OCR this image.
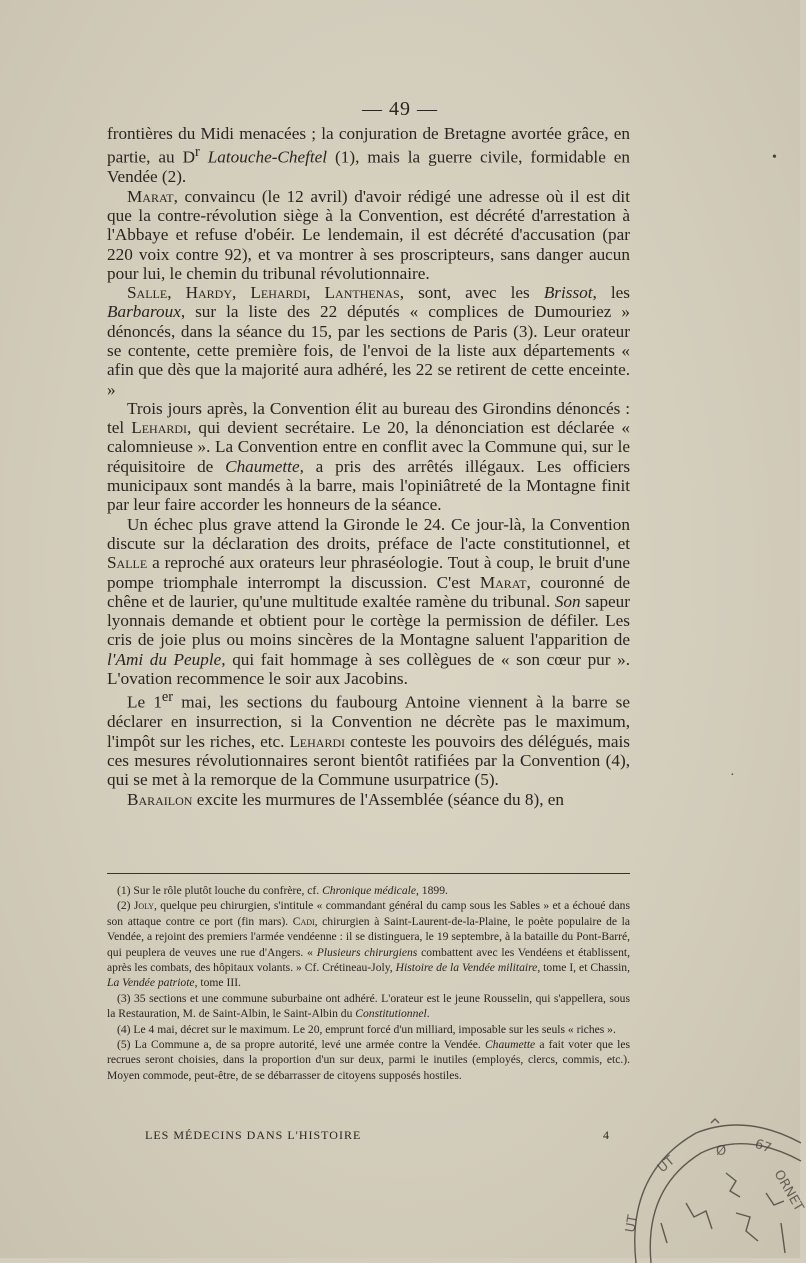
— 49 —

frontières du Midi menacées ; la conjuration de Bretagne avortée grâce, en partie, au $D^r$ Latouche-Cheftel (1), mais la guerre civile, formidable en Vendée (2).

Marat, convaincu (le 12 avril) d'avoir rédigé une adresse où il est dit que la contre-révolution siège à la Convention, est décrété d'arrestation à l'Abbaye et refuse d'obéir. Le lendemain, il est décrété d'accusation (par 220 voix contre 92), et va montrer à ses proscripteurs, sans danger aucun pour lui, le chemin du tribunal révolutionnaire.

Salle, Hardy, Lehardi, Lanthenas, sont, avec les Brissot, les Barbaroux, sur la liste des 22 députés « complices de Dumouriez » dénoncés, dans la séance du 15, par les sections de Paris (3). Leur orateur se contente, cette première fois, de l'envoi de la liste aux départements « afin que dès que la majorité aura adhéré, les 22 se retirent de cette enceinte. »

Trois jours après, la Convention élit au bureau des Girondins dénoncés : tel Lehardi, qui devient secrétaire. Le 20, la dénonciation est déclarée « calomnieuse ». La Convention entre en conflit avec la Commune qui, sur le réquisitoire de Chaumette, a pris des arrêtés illégaux. Les officiers municipaux sont mandés à la barre, mais l'opiniâtreté de la Montagne finit par leur faire accorder les honneurs de la séance.

Un échec plus grave attend la Gironde le 24. Ce jour-là, la Convention discute sur la déclaration des droits, préface de l'acte constitutionnel, et Salle a reproché aux orateurs leur phraséologie. Tout à coup, le bruit d'une pompe triomphale interrompt la discussion. C'est Marat, couronné de chêne et de laurier, qu'une multitude exaltée ramène du tribunal. Son sapeur lyonnais demande et obtient pour le cortège la permission de défiler. Les cris de joie plus ou moins sincères de la Montagne saluent l'apparition de l'Ami du Peuple, qui fait hommage à ses collègues de « son cœur pur ». L'ovation recommence le soir aux Jacobins.

Le 1er mai, les sections du faubourg Antoine viennent à la barre se déclarer en insurrection, si la Convention ne décrète pas le maximum, l'impôt sur les riches, etc. Lehardi conteste les pouvoirs des délégués, mais ces mesures révolutionnaires seront bientôt ratifiées par la Convention (4), qui se met à la remorque de la Commune usurpatrice (5).

Barailon excite les murmures de l'Assemblée (séance du 8), en

(1) Sur le rôle plutôt louche du confrère, cf. Chronique médicale, 1899.

(2) Joly, quelque peu chirurgien, s'intitule « commandant général du camp sous les Sables » et a échoué dans son attaque contre ce port (fin mars). Cadi, chirurgien à Saint-Laurent-de-la-Plaine, le poète populaire de la Vendée, a rejoint des premiers l'armée vendéenne : il se distinguera, le 19 septembre, à la bataille du Pont-Barré, qui peuplera de veuves une rue d'Angers. « Plusieurs chirurgiens combattent avec les Vendéens et établissent, après les combats, des hôpitaux volants. » Cf. Crétineau-Joly, Histoire de la Vendée militaire, tome I, et Chassin, La Vendée patriote, tome III.

(3) 35 sections et une commune suburbaine ont adhéré. L'orateur est le jeune Rousselin, qui s'appellera, sous la Restauration, M. de Saint-Albin, le Saint-Albin du Constitutionnel.

(4) Le 4 mai, décret sur le maximum. Le 20, emprunt forcé d'un milliard, imposable sur les seuls « riches ».

(5) La Commune a, de sa propre autorité, levé une armée contre la Vendée. Chaumette a fait voter que les recrues seront choisies, dans la proportion d'un sur deux, parmi le inutiles (employés, clercs, commis, etc.). Moyen commode, peut-être, de se débarrasser de citoyens supposés hostiles.

LES MÉDECINS DANS L'HISTOIRE	4
•
·
UT
Ø 67
ORNET
UT
